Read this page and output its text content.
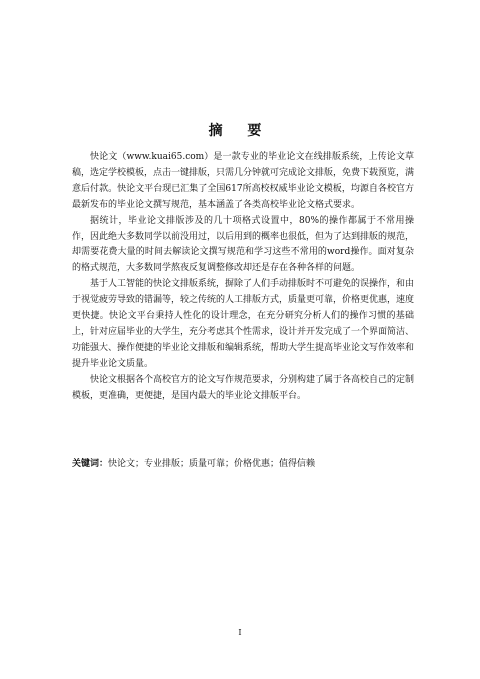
摘 要

快论文（www.kuai65.com）是一款专业的毕业论文在线排版系统，上传论文草稿，选定学校模板，点击一键排版，只需几分钟就可完成论文排版，免费下载预览，满意后付款。快论文平台现已汇集了全国617所高校权威毕业论文模板，均源自各校官方最新发布的毕业论文撰写规范，基本涵盖了各类高校毕业论文格式要求。

据统计，毕业论文排版涉及的几十项格式设置中，80%的操作都属于不常用操作，因此绝大多数同学以前没用过，以后用到的概率也很低，但为了达到排版的规范，却需要花费大量的时间去解读论文撰写规范和学习这些不常用的word操作。面对复杂的格式规范，大多数同学熬夜反复调整修改却还是存在各种各样的问题。

基于人工智能的快论文排版系统，摒除了人们手动排版时不可避免的误操作，和由于视觉疲劳导致的错漏等，较之传统的人工排版方式，质量更可靠，价格更优惠，速度更快捷。快论文平台秉持人性化的设计理念，在充分研究分析人们的操作习惯的基础上，针对应届毕业的大学生，充分考虑其个性需求，设计并开发完成了一个界面简洁、功能强大、操作便捷的毕业论文排版和编辑系统，帮助大学生提高毕业论文写作效率和提升毕业论文质量。

快论文根据各个高校官方的论文写作规范要求，分别构建了属于各高校自己的定制模板，更准确，更便捷，是国内最大的毕业论文排版平台。

关键词：快论文；专业排版；质量可靠；价格优惠；值得信赖

I
